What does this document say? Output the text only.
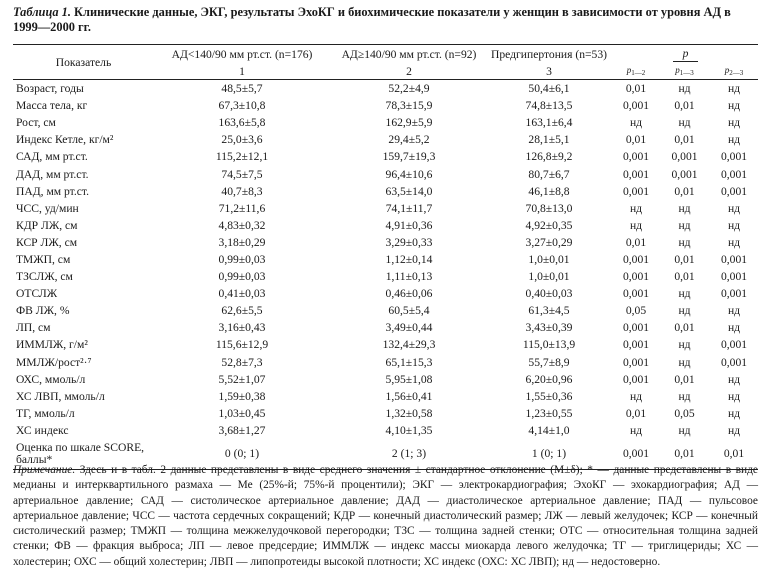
Таблица 1. Клинические данные, ЭКГ, результаты ЭхоКГ и биохимические показатели у женщин в зависимости от уровня АД в 1999—2000 гг.
Показатель	АД<140/90 мм рт.ст. (n=176)	АД≥140/90 мм рт.ст. (n=92)	Предгипертония (n=53)	p		
	1	2	3	$p_{1—2}$	$p_{1—3}$	$p_{2—3}$
Возраст, годы	48,5±5,7	52,2±4,9	50,4±6,1	0,01	нд	нд
Масса тела, кг	67,3±10,8	78,3±15,9	74,8±13,5	0,001	0,01	нд
Рост, см	163,6±5,8	162,9±5,9	163,1±6,4	нд	нд	нд
Индекс Кетле, кг/м²	25,0±3,6	29,4±5,2	28,1±5,1	0,01	0,01	нд
САД, мм рт.ст.	115,2±12,1	159,7±19,3	126,8±9,2	0,001	0,001	0,001
ДАД, мм рт.ст.	74,5±7,5	96,4±10,6	80,7±6,7	0,001	0,001	0,001
ПАД, мм рт.ст.	40,7±8,3	63,5±14,0	46,1±8,8	0,001	0,01	0,001
ЧСС, уд/мин	71,2±11,6	74,1±11,7	70,8±13,0	нд	нд	нд
КДР ЛЖ, см	4,83±0,32	4,91±0,36	4,92±0,35	нд	нд	нд
КСР ЛЖ, см	3,18±0,29	3,29±0,33	3,27±0,29	0,01	нд	нд
ТМЖП, см	0,99±0,03	1,12±0,14	1,0±0,01	0,001	0,01	0,001
ТЗСЛЖ, см	0,99±0,03	1,11±0,13	1,0±0,01	0,001	0,01	0,001
ОТСЛЖ	0,41±0,03	0,46±0,06	0,40±0,03	0,001	нд	0,001
ФВ ЛЖ, %	62,6±5,5	60,5±5,4	61,3±4,5	0,05	нд	нд
ЛП, см	3,16±0,43	3,49±0,44	3,43±0,39	0,001	0,01	нд
ИММЛЖ, г/м²	115,6±12,9	132,4±29,3	115,0±13,9	0,001	нд	0,001
ММЛЖ/рост²·⁷	52,8±7,3	65,1±15,3	55,7±8,9	0,001	нд	0,001
ОХС, ммоль/л	5,52±1,07	5,95±1,08	6,20±0,96	0,001	0,01	нд
ХС ЛВП, ммоль/л	1,59±0,38	1,56±0,41	1,55±0,36	нд	нд	нд
ТГ, ммоль/л	1,03±0,45	1,32±0,58	1,23±0,55	0,01	0,05	нд
ХС индекс	3,68±1,27	4,10±1,35	4,14±1,0	нд	нд	нд
Оценка по шкале SCORE, баллы*	0 (0; 1)	2 (1; 3)	1 (0; 1)	0,001	0,01	0,01
Примечание. Здесь и в табл. 2 данные представлены в виде среднего значения ± стандартное отклонение (M±δ); * — данные представлены в виде медианы и интерквартильного размаха — Ме (25%-й; 75%-й процентили); ЭКГ — электрокардиография; ЭхоКГ — эхокардиография; АД — артериальное давление; САД — систолическое артериальное давление; ДАД — диастолическое артериальное давление; ПАД — пульсовое артериальное давление; ЧСС — частота сердечных сокращений; КДР — конечный диастолический размер; ЛЖ — левый желудочек; КСР — конечный систолический размер; ТМЖП — толщина межжелудочковой перегородки; ТЗС — толщина задней стенки; ОТС — относительная толщина задней стенки; ФВ — фракция выброса; ЛП — левое предсердие; ИММЛЖ — индекс массы миокарда левого желудочка; ТГ — триглицериды; ХС — холестерин; ОХС — общий холестерин; ЛВП — липопротеиды высокой плотности; ХС индекс (ОХС: ХС ЛВП); нд — недостоверно.
